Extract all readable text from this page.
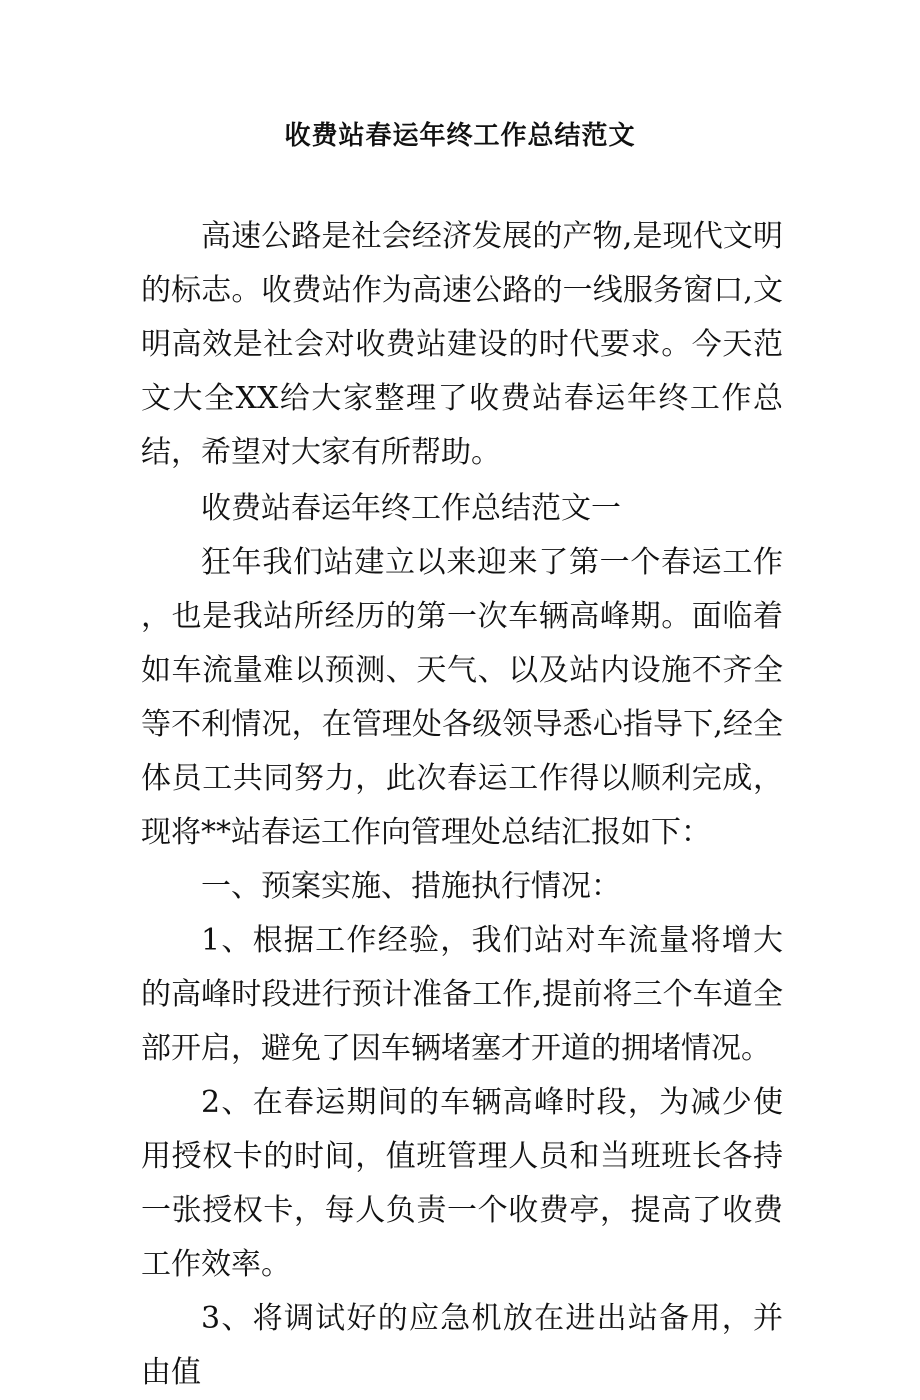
收费站春运年终工作总结范文

高速公路是社会经济发展的产物,是现代文明的标志。收费站作为高速公路的一线服务窗口,文明高效是社会对收费站建设的时代要求。今天范文大全XX给大家整理了收费站春运年终工作总结，希望对大家有所帮助。

收费站春运年终工作总结范文一

狂年我们站建立以来迎来了第一个春运工作，也是我站所经历的第一次车辆高峰期。面临着如车流量难以预测、天气、以及站内设施不齐全等不利情况，在管理处各级领导悉心指导下,经全体员工共同努力，此次春运工作得以顺利完成，现将**站春运工作向管理处总结汇报如下：

一、预案实施、措施执行情况：

1、根据工作经验，我们站对车流量将增大的高峰时段进行预计准备工作,提前将三个车道全部开启，避免了因车辆堵塞才开道的拥堵情况。

2、在春运期间的车辆高峰时段，为减少使用授权卡的时间，值班管理人员和当班班长各持一张授权卡，每人负责一个收费亭，提高了收费工作效率。

3、将调试好的应急机放在进出站备用，并由值
